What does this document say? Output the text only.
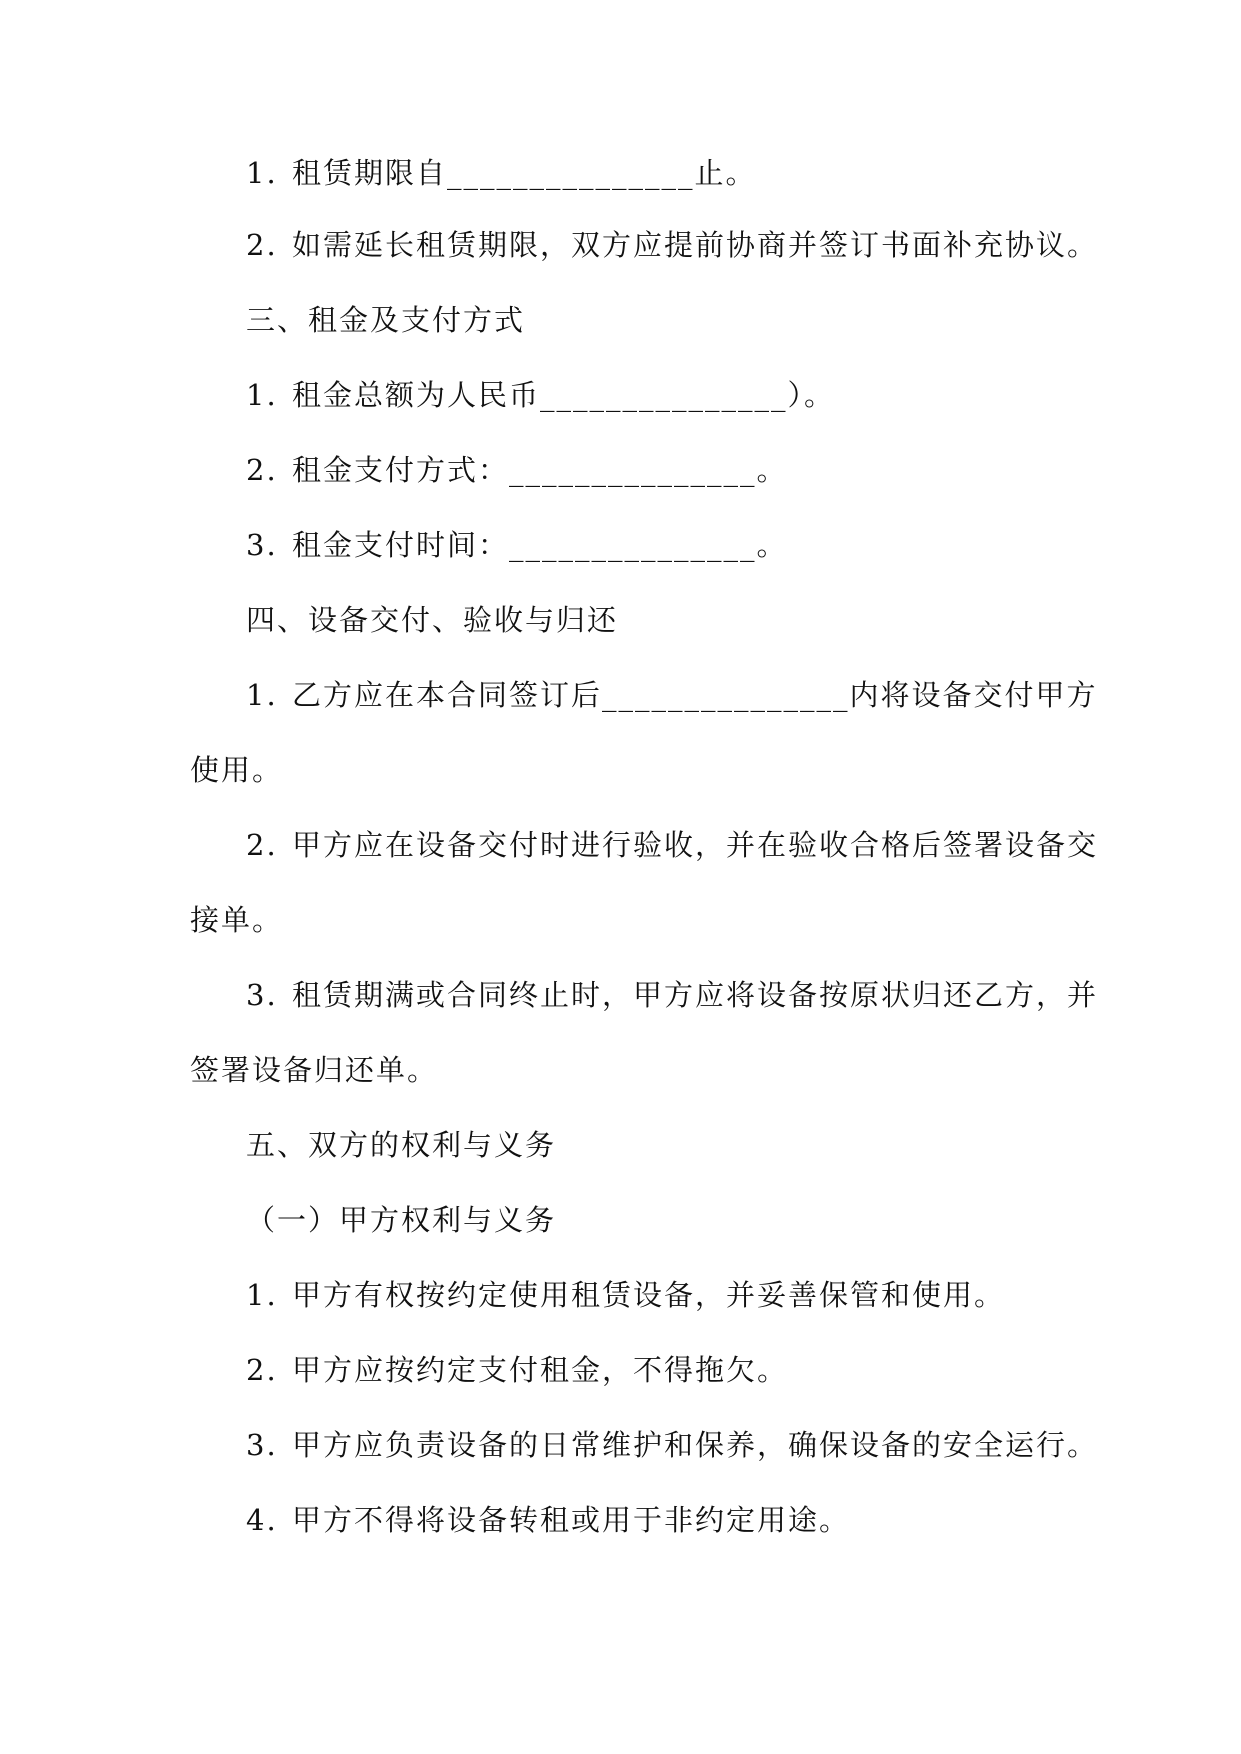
1. 租赁期限自_______________止。
2. 如需延长租赁期限，双方应提前协商并签订书面补充协议。
三、租金及支付方式
1. 租金总额为人民币_______________）。
2. 租金支付方式：_______________。
3. 租金支付时间：_______________。
四、设备交付、验收与归还
1. 乙方应在本合同签订后_______________内将设备交付甲方
使用。
2. 甲方应在设备交付时进行验收，并在验收合格后签署设备交
接单。
3. 租赁期满或合同终止时，甲方应将设备按原状归还乙方，并
签署设备归还单。
五、双方的权利与义务
（一）甲方权利与义务
1. 甲方有权按约定使用租赁设备，并妥善保管和使用。
2. 甲方应按约定支付租金，不得拖欠。
3. 甲方应负责设备的日常维护和保养，确保设备的安全运行。
4. 甲方不得将设备转租或用于非约定用途。
